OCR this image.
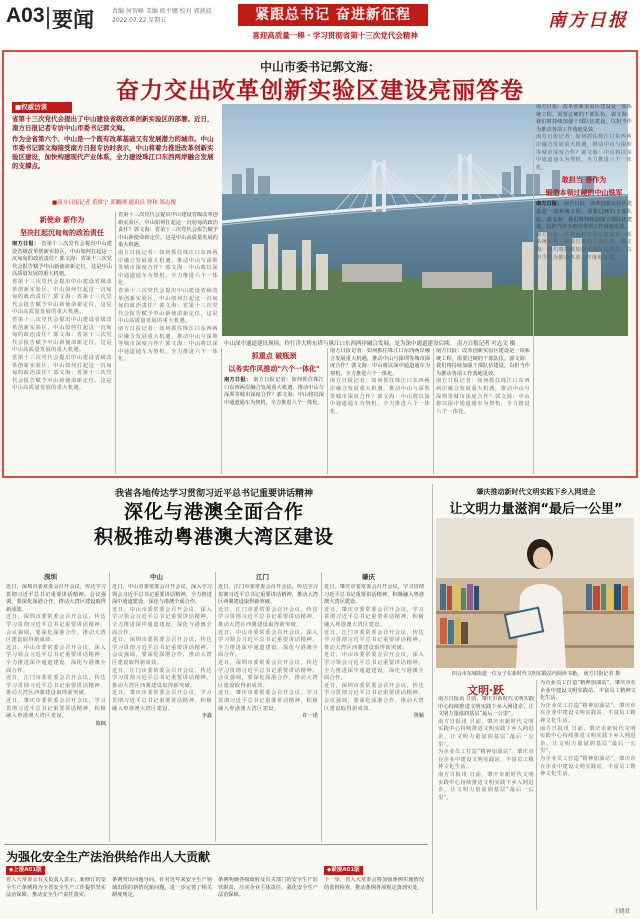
A03 要闻	责编 何智峰 美编 欧平娜 校对 郭燕波 2022.07.22 星期五	紧跟总书记 奋进新征程
喜迎高质量一棒 · 学习贯彻省第十三次党代会精神
南方日报
中山市委书记郭文海：
奋力交出改革创新实验区建设亮丽答卷
■权威访谈

省第十三次党代会提出了中山建设省级改革创新实验区的部署。近日，南方日报记者专访中山市委书记郭文海。

作为全省第六个、中山是一个既有改革基础又有发展潜力的城市。中山市委书记郭文海接受南方日报专访时表示，中山将着力推进改革创新实验区建设，加快构建现代产业体系，全力建设珠江口东西两岸融合发展的支撑点。

■南方日报记者 黄维宁 郭鹏刚 通讯员 钟和 郑志俊
中山深中通道建设现场，伶仃洋大桥东塔与珠江口东西两岸融合发展，是为深中通道建设后续。 南方日报记者 叶志文 摄
新使命 新作为
坚决扛起沉甸甸的政治责任
南方日报： 省第十三次党代会提出中山建设省级改革创新实验区，中山如何扛起这一沉甸甸的政治责任？郭文海：省第十三次党代会报告赋予中山新使命新定位，这是中山高质量发展的重大机遇。
省第十三次党代会提出中山建设省级改革创新实验区，中山如何扛起这一沉甸甸的政治责任？郭文海：省第十三次党代会报告赋予中山新使命新定位，这是中山高质量发展的重大机遇。
省第十三次党代会提出中山建设省级改革创新实验区，中山如何扛起这一沉甸甸的政治责任？郭文海：省第十三次党代会报告赋予中山新使命新定位，这是中山高质量发展的重大机遇。
省第十三次党代会提出中山建设省级改革创新实验区，中山如何扛起这一沉甸甸的政治责任？郭文海：省第十三次党代会报告赋予中山新使命新定位，这是中山高质量发展的重大机遇。
省第十三次党代会提出中山建设省级改革创新实验区，中山如何扛起这一沉甸甸的政治责任？郭文海：省第十三次党代会报告赋予中山新使命新定位，这是中山高质量发展的重大机遇。
南方日报记者：如何抓住珠江口东西两岸融合发展重大机遇，推动中山与深圳等城市深度合作？郭文海：中山将以深中通道通车为契机，全力推进六个一体化。
省第十三次党代会提出中山建设省级改革创新实验区，中山如何扛起这一沉甸甸的政治责任？郭文海：省第十三次党代会报告赋予中山新使命新定位，这是中山高质量发展的重大机遇。
南方日报记者：如何抓住珠江口东西两岸融合发展重大机遇，推动中山与深圳等城市深度合作？郭文海：中山将以深中通道通车为契机，全力推进六个一体化。	抓重点 破瓶颈
以务实作风推动"六个一体化"
南方日报： 南方日报记者：如何抓住珠江口东西两岸融合发展重大机遇，推动中山与深圳等城市深度合作？郭文海：中山将以深中通道通车为契机，全力推进六个一体化。
南方日报记者：如何抓住珠江口东西两岸融合发展重大机遇，推动中山与深圳等城市深度合作？郭文海：中山将以深中通道通车为契机，全力推进六个一体化。
南方日报记者：如何抓住珠江口东西两岸融合发展重大机遇，推动中山与深圳等城市深度合作？郭文海：中山将以深中通道通车为契机，全力推进六个一体化。
南方日报：改革创新实验区建设是一项系统工程，需要过硬的干部队伍。郭文海：我们将持续加强干部队伍建设，以担当作为推动各项工作落地见效。
南方日报记者：如何抓住珠江口东西两岸融合发展重大机遇，推动中山与深圳等城市深度合作？郭文海：中山将以深中通道通车为契机，全力推进六个一体化。
南方日报：改革创新实验区建设是一项系统工程，需要过硬的干部队伍。郭文海：我们将持续加强干部队伍建设，以担当作为推动各项工作落地见效。
南方日报记者：如何抓住珠江口东西两岸融合发展重大机遇，推动中山与深圳等城市深度合作？郭文海：中山将以深中通道通车为契机，全力推进六个一体化。
敢担当 善作为
锻造本领过硬的中山铁军
南方日报： 南方日报：改革创新实验区建设是一项系统工程，需要过硬的干部队伍。郭文海：我们将持续加强干部队伍建设，以担当作为推动各项工作落地见效。
南方日报：改革创新实验区建设是一项系统工程，需要过硬的干部队伍。郭文海：我们将持续加强干部队伍建设，以担当作为推动各项工作落地见效。
我省各地传达学习贯彻习近平总书记重要讲话精神
深化与港澳全面合作
积极推动粤港澳大湾区建设
深圳	中山	江门	肇庆
近日，深圳市委常委会召开会议，传达学习贯彻习近平总书记重要讲话精神。会议强调，要深化深港合作，推动大湾区建设取得新成效。
近日，深圳市委常委会召开会议，传达学习贯彻习近平总书记重要讲话精神。会议强调，要深化深港合作，推动大湾区建设取得新成效。
近日，中山市委常委会召开会议，深入学习领会习近平总书记重要讲话精神，全力推进深中通道建设，深化与港澳全面合作。
近日，江门市委常委会召开会议，传达学习贯彻习近平总书记重要讲话精神，推动大湾区西翼建设取得新突破。
近日，肇庆市委常委会召开会议，学习贯彻习近平总书记重要讲话精神，积极融入粤港澳大湾区建设。
陈枫
近日，中山市委常委会召开会议，深入学习领会习近平总书记重要讲话精神，全力推进深中通道建设，深化与港澳全面合作。
近日，中山市委常委会召开会议，深入学习领会习近平总书记重要讲话精神，全力推进深中通道建设，深化与港澳全面合作。
近日，深圳市委常委会召开会议，传达学习贯彻习近平总书记重要讲话精神。会议强调，要深化深港合作，推动大湾区建设取得新成效。
近日，江门市委常委会召开会议，传达学习贯彻习近平总书记重要讲话精神，推动大湾区西翼建设取得新突破。
近日，肇庆市委常委会召开会议，学习贯彻习近平总书记重要讲话精神，积极融入粤港澳大湾区建设。
李鑫
近日，江门市委常委会召开会议，传达学习贯彻习近平总书记重要讲话精神，推动大湾区西翼建设取得新突破。
近日，江门市委常委会召开会议，传达学习贯彻习近平总书记重要讲话精神，推动大湾区西翼建设取得新突破。
近日，中山市委常委会召开会议，深入学习领会习近平总书记重要讲话精神，全力推进深中通道建设，深化与港澳全面合作。
近日，深圳市委常委会召开会议，传达学习贯彻习近平总书记重要讲话精神。会议强调，要深化深港合作，推动大湾区建设取得新成效。
近日，肇庆市委常委会召开会议，学习贯彻习近平总书记重要讲话精神，积极融入粤港澳大湾区建设。
许一诺
近日，肇庆市委常委会召开会议，学习贯彻习近平总书记重要讲话精神，积极融入粤港澳大湾区建设。
近日，肇庆市委常委会召开会议，学习贯彻习近平总书记重要讲话精神，积极融入粤港澳大湾区建设。
近日，江门市委常委会召开会议，传达学习贯彻习近平总书记重要讲话精神，推动大湾区西翼建设取得新突破。
近日，中山市委常委会召开会议，深入学习领会习近平总书记重要讲话精神，全力推进深中通道建设，深化与港澳全面合作。
近日，深圳市委常委会召开会议，传达学习贯彻习近平总书记重要讲话精神。会议强调，要深化深港合作，推动大湾区建设取得新成效。
鲁颖
为强化安全生产法治供给作出人大贡献
◆上接A01版	◆紧接A01版
省人大常委会有关负责人表示，新修订的安全生产条例将为全省安全生产工作提供坚实法治保障，推动安全生产责任落实。
条例突出问题导向，针对近年来安全生产领域出现的新情况新问题，进一步完善了相关制度规定。
条例明确各级政府及有关部门的安全生产监管职责，压实企业主体责任，强化安全生产法治保障。
下一步，省人大常委会将加强条例实施情况的监督检查，推动条例各项规定落到实处。
肇庆推动新时代文明实践下乡入网进企
让文明力量滋润“最后一公里”
四会市东城街道一位女子在新时代文明实践站内阅读书籍。 南方日报记者 摄
文明·跃
南方日报讯 日前，肇庆市新时代文明实践中心持续推进文明实践下乡入网进企，让文明力量滋润基层“最后一公里”。
南方日报讯 日前，肇庆市新时代文明实践中心持续推进文明实践下乡入网进企，让文明力量滋润基层“最后一公里”。
为企业员工打造“精神加油站”。肇庆市在企业中建设文明实践站，丰富员工精神文化生活。
南方日报讯 日前，肇庆市新时代文明实践中心持续推进文明实践下乡入网进企，让文明力量滋润基层“最后一公里”。
为企业员工打造“精神加油站”。肇庆市在企业中建设文明实践站，丰富员工精神文化生活。
为企业员工打造“精神加油站”。肇庆市在企业中建设文明实践站，丰富员工精神文化生活。
南方日报讯 日前，肇庆市新时代文明实践中心持续推进文明实践下乡入网进企，让文明力量滋润基层“最后一公里”。
为企业员工打造“精神加油站”。肇庆市在企业中建设文明实践站，丰富员工精神文化生活。
王晓君
